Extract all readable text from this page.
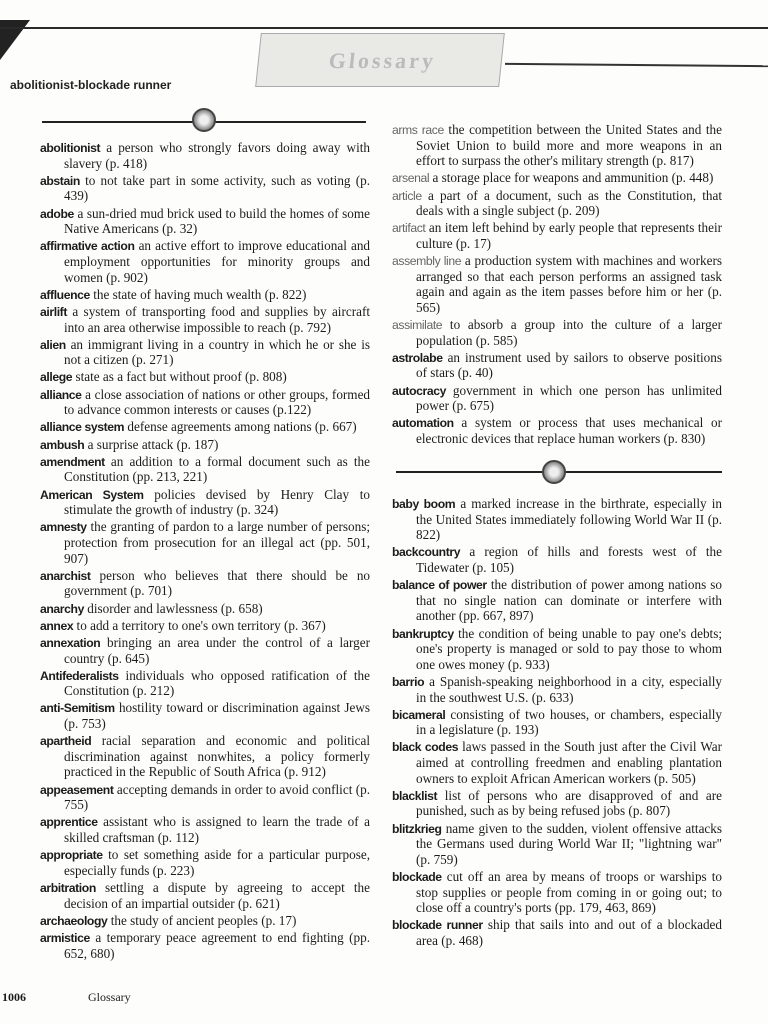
Glossary
abolitionist-blockade runner
abolitionist a person who strongly favors doing away with slavery (p. 418)
abstain to not take part in some activity, such as voting (p. 439)
adobe a sun-dried mud brick used to build the homes of some Native Americans (p. 32)
affirmative action an active effort to improve educational and employment opportunities for minority groups and women (p. 902)
affluence the state of having much wealth (p. 822)
airlift a system of transporting food and supplies by aircraft into an area otherwise impossible to reach (p. 792)
alien an immigrant living in a country in which he or she is not a citizen (p. 271)
allege state as a fact but without proof (p. 808)
alliance a close association of nations or other groups, formed to advance common interests or causes (p.122)
alliance system defense agreements among nations (p. 667)
ambush a surprise attack (p. 187)
amendment an addition to a formal document such as the Constitution (pp. 213, 221)
American System policies devised by Henry Clay to stimulate the growth of industry (p. 324)
amnesty the granting of pardon to a large number of persons; protection from prosecution for an illegal act (pp. 501, 907)
anarchist person who believes that there should be no government (p. 701)
anarchy disorder and lawlessness (p. 658)
annex to add a territory to one's own territory (p. 367)
annexation bringing an area under the control of a larger country (p. 645)
Antifederalists individuals who opposed ratification of the Constitution (p. 212)
anti-Semitism hostility toward or discrimination against Jews (p. 753)
apartheid racial separation and economic and political discrimination against nonwhites, a policy formerly practiced in the Republic of South Africa (p. 912)
appeasement accepting demands in order to avoid conflict (p. 755)
apprentice assistant who is assigned to learn the trade of a skilled craftsman (p. 112)
appropriate to set something aside for a particular purpose, especially funds (p. 223)
arbitration settling a dispute by agreeing to accept the decision of an impartial outsider (p. 621)
archaeology the study of ancient peoples (p. 17)
armistice a temporary peace agreement to end fighting (pp. 652, 680)
arms race the competition between the United States and the Soviet Union to build more and more weapons in an effort to surpass the other's military strength (p. 817)
arsenal a storage place for weapons and ammunition (p. 448)
article a part of a document, such as the Constitution, that deals with a single subject (p. 209)
artifact an item left behind by early people that represents their culture (p. 17)
assembly line a production system with machines and workers arranged so that each person performs an assigned task again and again as the item passes before him or her (p. 565)
assimilate to absorb a group into the culture of a larger population (p. 585)
astrolabe an instrument used by sailors to observe positions of stars (p. 40)
autocracy government in which one person has unlimited power (p. 675)
automation a system or process that uses mechanical or electronic devices that replace human workers (p. 830)
baby boom a marked increase in the birthrate, especially in the United States immediately following World War II (p. 822)
backcountry a region of hills and forests west of the Tidewater (p. 105)
balance of power the distribution of power among nations so that no single nation can dominate or interfere with another (pp. 667, 897)
bankruptcy the condition of being unable to pay one's debts; one's property is managed or sold to pay those to whom one owes money (p. 933)
barrio a Spanish-speaking neighborhood in a city, especially in the southwest U.S. (p. 633)
bicameral consisting of two houses, or chambers, especially in a legislature (p. 193)
black codes laws passed in the South just after the Civil War aimed at controlling freedmen and enabling plantation owners to exploit African American workers (p. 505)
blacklist list of persons who are disapproved of and are punished, such as by being refused jobs (p. 807)
blitzkrieg name given to the sudden, violent offensive attacks the Germans used during World War II; "lightning war" (p. 759)
blockade cut off an area by means of troops or warships to stop supplies or people from coming in or going out; to close off a country's ports (pp. 179, 463, 869)
blockade runner ship that sails into and out of a blockaded area (p. 468)
1006	Glossary
